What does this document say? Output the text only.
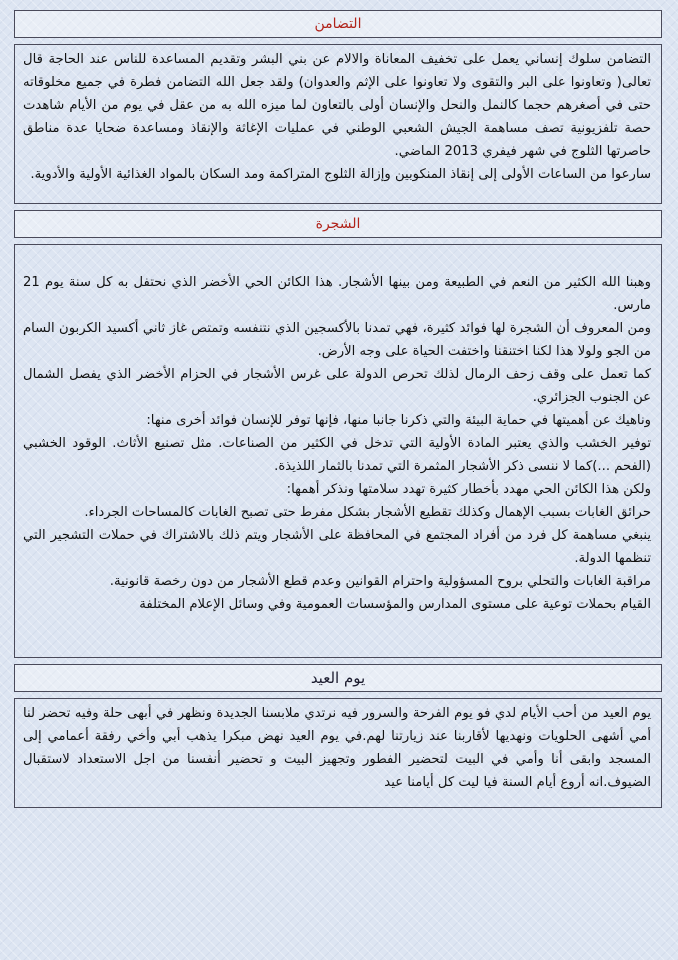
التضامن

التضامن سلوك إنساني يعمل على تخفيف المعاناة والالام عن بني البشر وتقديم المساعدة للناس عند الحاجة قال تعالى( وتعاونوا على البر والتقوى ولا تعاونوا على الإثم والعدوان) ولقد جعل الله التضامن فطرة في جميع مخلوقاته حتى في أصغرهم حجما كالنمل والنحل والإنسان أولى بالتعاون لما ميزه الله به من عقل في يوم من الأيام شاهدت حصة تلفزيونية تصف مساهمة الجيش الشعبي الوطني في عمليات الإغاثة والإنقاذ ومساعدة ضحايا عدة مناطق حاصرتها الثلوج في شهر فيفري 2013 الماضي.

سارعوا من الساعات الأولى إلى إنقاذ المنكوبين وإزالة الثلوج المتراكمة ومد السكان بالمواد الغذائية الأولية والأدوية.

الشجرة

وهبنا الله الكثير من النعم في الطبيعة ومن بينها الأشجار. هذا الكائن الحي الأخضر الذي نحتفل به كل سنة يوم 21 مارس.

ومن المعروف أن الشجرة لها فوائد كثيرة، فهي تمدنا بالأكسجين الذي نتنفسه وتمتص غاز ثاني أكسيد الكربون السام من الجو ولولا هذا لكنا اختنقنا واختفت الحياة على وجه الأرض.

كما تعمل على وقف زحف الرمال لذلك تحرص الدولة على غرس الأشجار في الحزام الأخضر الذي يفصل الشمال عن الجنوب الجزائري.

وناهيك عن أهميتها في حماية البيئة والتي ذكرنا جانبا منها، فإنها توفر للإنسان فوائد أخرى منها:

توفير الخشب والذي يعتبر المادة الأولية التي تدخل في الكثير من الصناعات. مثل تصنيع الأثاث. الوقود الخشبي (الفحم ...)كما لا ننسى ذكر الأشجار المثمرة التي تمدنا بالثمار اللذيذة.

ولكن هذا الكائن الحي مهدد بأخطار كثيرة تهدد سلامتها ونذكر أهمها:

حرائق الغابات بسبب الإهمال وكذلك تقطيع الأشجار بشكل مفرط حتى تصبح الغابات كالمساحات الجرداء.

ينبغي مساهمة كل فرد من أفراد المجتمع في المحافظة على الأشجار ويتم ذلك بالاشتراك في حملات التشجير التي تنظمها الدولة.

مراقبة الغابات والتحلي بروح المسؤولية واحترام القوانين وعدم قطع الأشجار من دون رخصة قانونية.

القيام بحملات توعية على مستوى المدارس والمؤسسات العمومية وفي وسائل الإعلام المختلفة

يوم العيد

يوم العيد من أحب الأيام لدي فو يوم الفرحة والسرور فيه نرتدي ملابسنا الجديدة ونظهر في أبهى حلة وفيه تحضر لنا أمي أشهى الحلويات ونهديها لأقاربنا عند زيارتنا لهم.في يوم العيد نهض مبكرا يذهب أبي وأخي رفقة أعمامي إلى المسجد وابقى أنا وأمي في البيت لتحضير الفطور وتجهيز البيت و تحضير أنفسنا من اجل الاستعداد لاستقبال الضيوف.انه أروع أيام السنة فيا ليت كل أيامنا عيد
